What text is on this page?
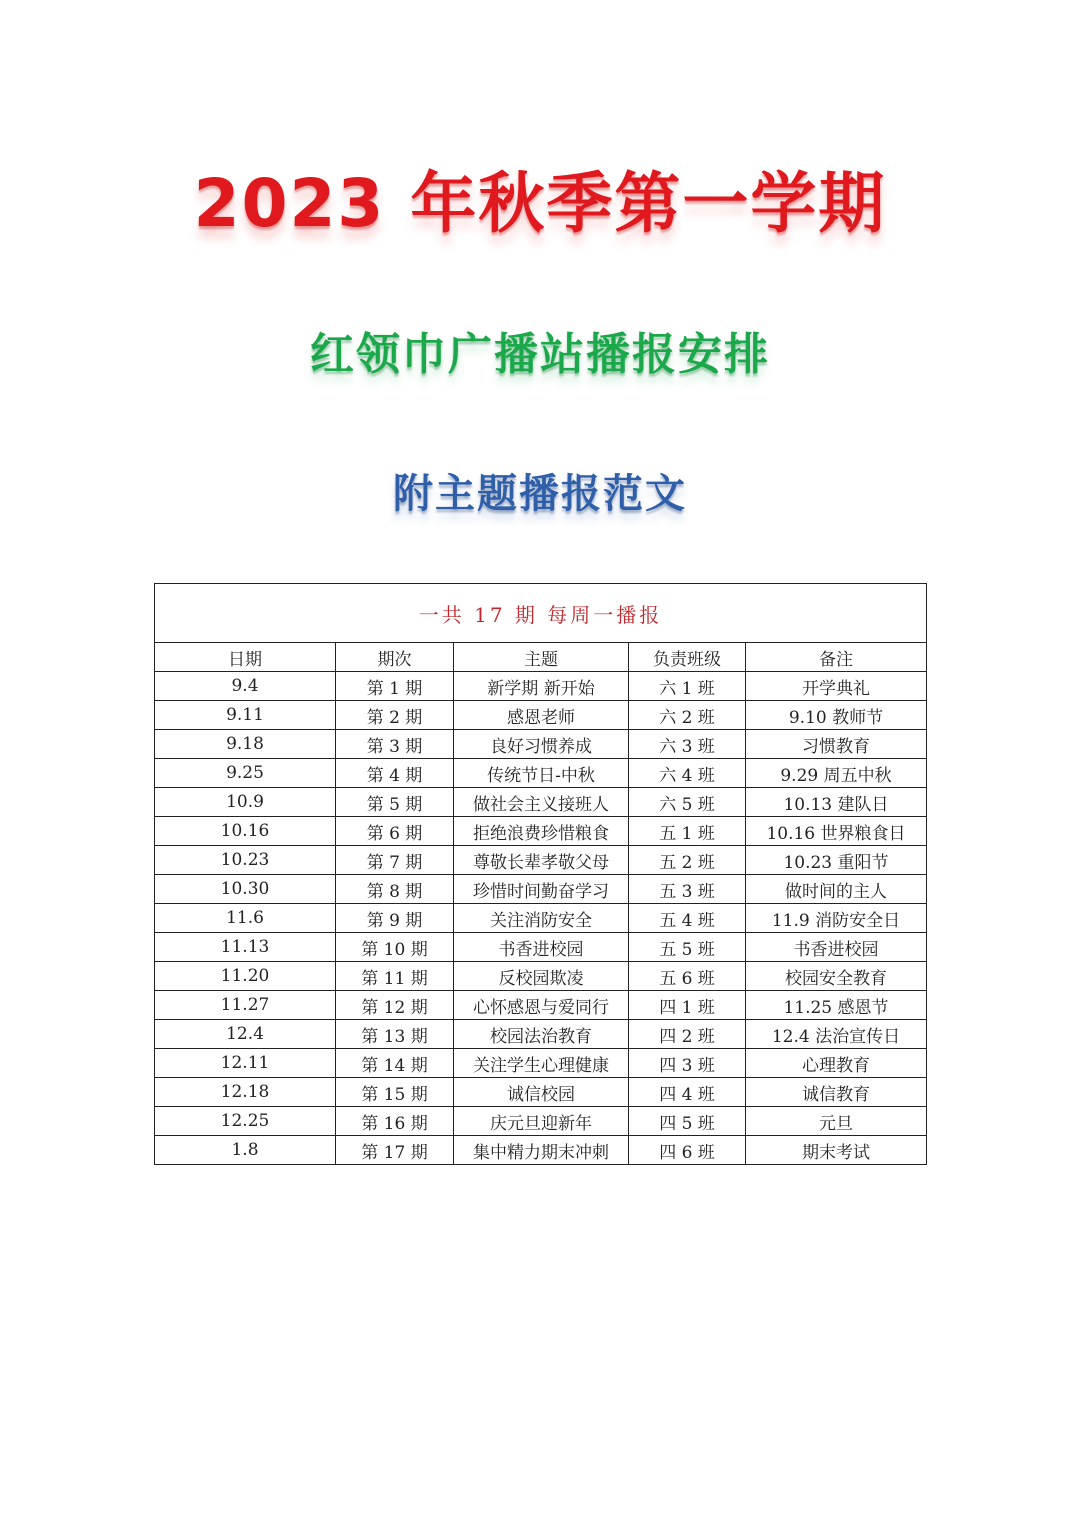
2023 年秋季第一学期
红领巾广播站播报安排
附主题播报范文
一共 17 期 每周一播报				
日期	期次	主题	负责班级	备注
9.4	第 1 期	新学期 新开始	六 1 班	开学典礼
9.11	第 2 期	感恩老师	六 2 班	9.10 教师节
9.18	第 3 期	良好习惯养成	六 3 班	习惯教育
9.25	第 4 期	传统节日-中秋	六 4 班	9.29 周五中秋
10.9	第 5 期	做社会主义接班人	六 5 班	10.13 建队日
10.16	第 6 期	拒绝浪费珍惜粮食	五 1 班	10.16 世界粮食日
10.23	第 7 期	尊敬长辈孝敬父母	五 2 班	10.23 重阳节
10.30	第 8 期	珍惜时间勤奋学习	五 3 班	做时间的主人
11.6	第 9 期	关注消防安全	五 4 班	11.9 消防安全日
11.13	第 10 期	书香进校园	五 5 班	书香进校园
11.20	第 11 期	反校园欺凌	五 6 班	校园安全教育
11.27	第 12 期	心怀感恩与爱同行	四 1 班	11.25 感恩节
12.4	第 13 期	校园法治教育	四 2 班	12.4 法治宣传日
12.11	第 14 期	关注学生心理健康	四 3 班	心理教育
12.18	第 15 期	诚信校园	四 4 班	诚信教育
12.25	第 16 期	庆元旦迎新年	四 5 班	元旦
1.8	第 17 期	集中精力期末冲刺	四 6 班	期末考试
